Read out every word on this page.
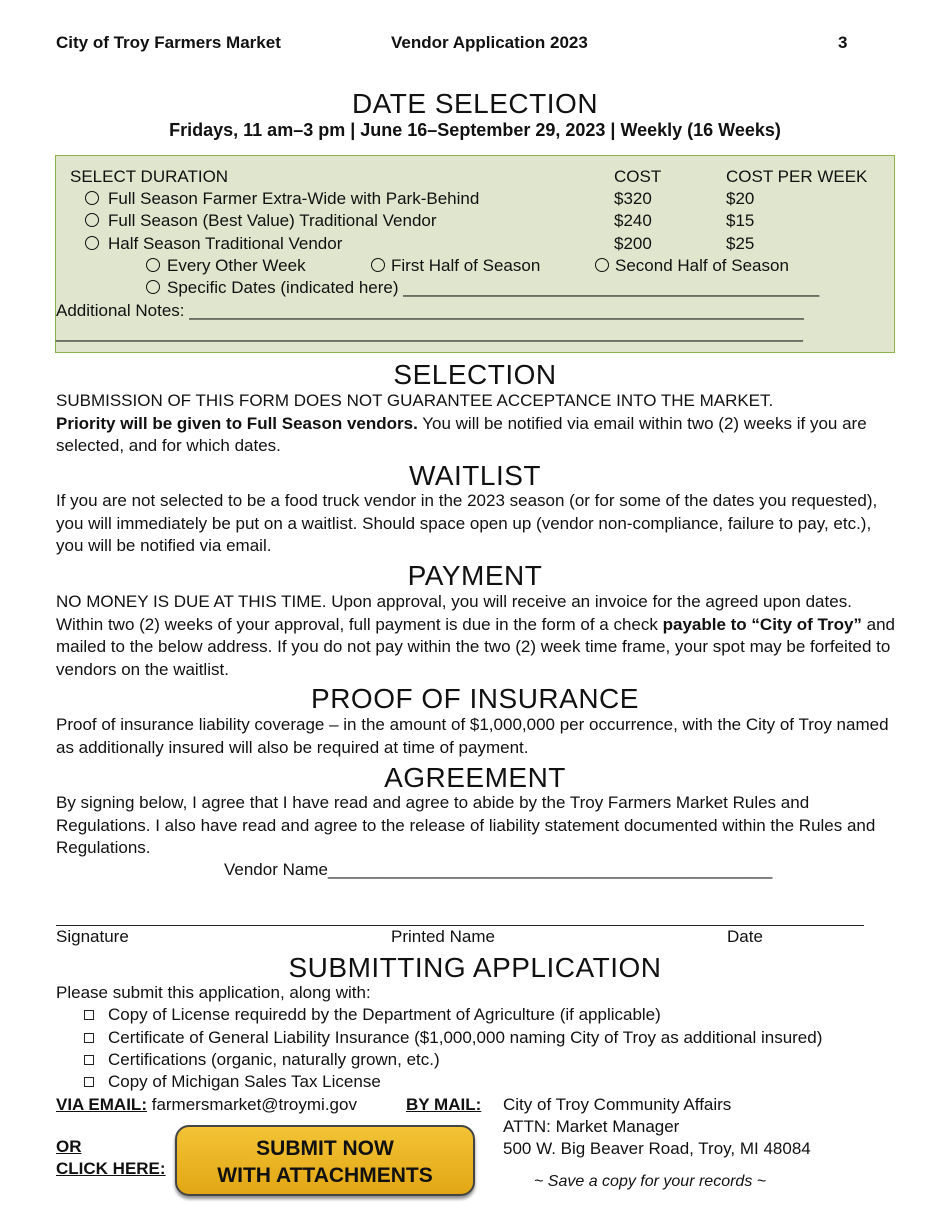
City of Troy Farmers Market	Vendor Application 2023	3
DATE SELECTION
Fridays, 11 am–3 pm | June 16–September 29, 2023 | Weekly (16 Weeks)
SELECT DURATION	COST	COST PER WEEK
Full Season Farmer Extra-Wide with Park-Behind	$320	$20
Full Season (Best Value) Traditional Vendor	$240	$15
Half Season Traditional Vendor	$200	$25
Every Other Week	First Half of Season	Second Half of Season
Specific Dates (indicated here) ____________________________________________
Additional Notes: _________________________________________________________________
_______________________________________________________________________________
SELECTION
SUBMISSION OF THIS FORM DOES NOT GUARANTEE ACCEPTANCE INTO THE MARKET.
Priority will be given to Full Season vendors. You will be notified via email within two (2) weeks if you are selected, and for which dates.
WAITLIST
If you are not selected to be a food truck vendor in the 2023 season (or for some of the dates you requested), you will immediately be put on a waitlist. Should space open up (vendor non-compliance, failure to pay, etc.), you will be notified via email.
PAYMENT
NO MONEY IS DUE AT THIS TIME. Upon approval, you will receive an invoice for the agreed upon dates. Within two (2) weeks of your approval, full payment is due in the form of a check payable to “City of Troy” and mailed to the below address. If you do not pay within the two (2) week time frame, your spot may be forfeited to vendors on the waitlist.
PROOF OF INSURANCE
Proof of insurance liability coverage – in the amount of $1,000,000 per occurrence, with the City of Troy named as additionally insured will also be required at time of payment.
AGREEMENT
By signing below, I agree that I have read and agree to abide by the Troy Farmers Market Rules and Regulations. I also have read and agree to the release of liability statement documented within the Rules and Regulations.
Vendor Name_______________________________________________
Signature	Printed Name	Date
SUBMITTING APPLICATION
Please submit this application, along with:
Copy of License requiredd by the Department of Agriculture (if applicable)
Certificate of General Liability Insurance ($1,000,000 naming City of Troy as additional insured)
Certifications (organic, naturally grown, etc.)
Copy of Michigan Sales Tax License
VIA EMAIL: farmersmarket@troymi.gov	BY MAIL: City of Troy Community Affairs
ATTN: Market Manager
500 W. Big Beaver Road, Troy, MI 48084
OR
CLICK HERE:
SUBMIT NOW
WITH ATTACHMENTS	~ Save a copy for your records ~
